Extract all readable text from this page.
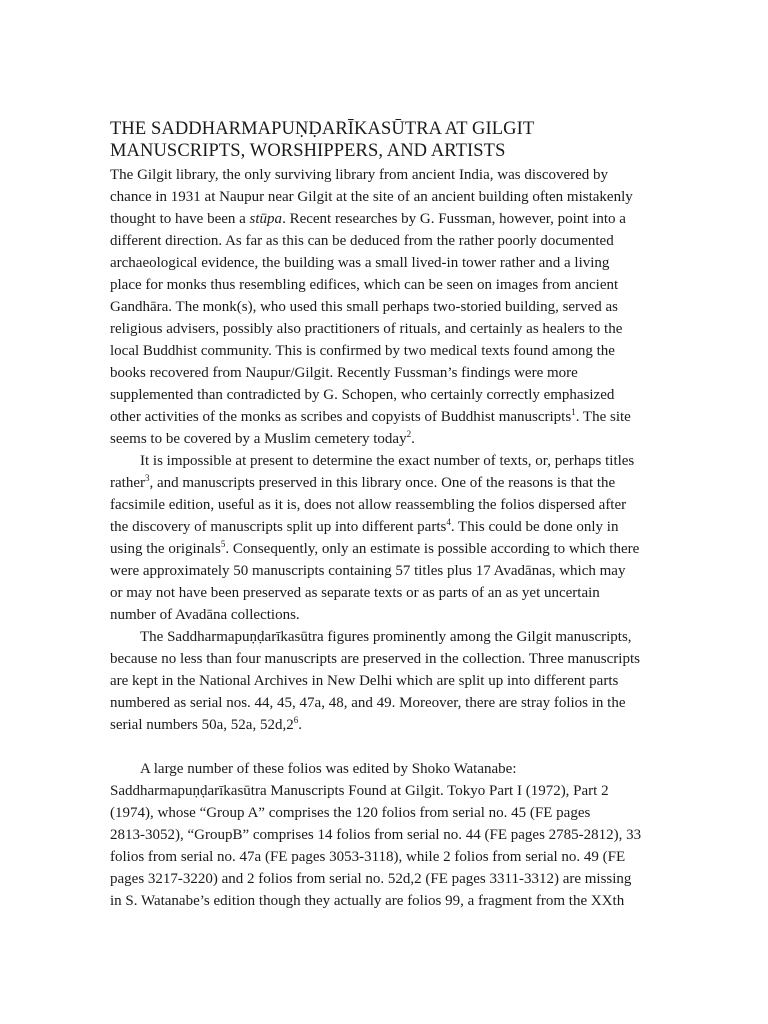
THE SADDHARMAPUṆḌARĪKASŪTRA AT GILGIT
MANUSCRIPTS, WORSHIPPERS, AND ARTISTS

The Gilgit library, the only surviving library from ancient India, was discovered by
chance in 1931 at Naupur near Gilgit at the site of an ancient building often mistakenly
thought to have been a stūpa. Recent researches by G. Fussman, however, point into a
different direction. As far as this can be deduced from the rather poorly documented
archaeological evidence, the building was a small lived-in tower rather and a living
place for monks thus resembling edifices, which can be seen on images from ancient
Gandhāra. The monk(s), who used this small perhaps two-storied building, served as
religious advisers, possibly also practitioners of rituals, and certainly as healers to the
local Buddhist community. This is confirmed by two medical texts found among the
books recovered from Naupur/Gilgit. Recently Fussman’s findings were more
supplemented than contradicted by G. Schopen, who certainly correctly emphasized
other activities of the monks as scribes and copyists of Buddhist manuscripts$^1$. The site
seems to be covered by a Muslim cemetery today$^2$.

It is impossible at present to determine the exact number of texts, or, perhaps titles
rather$^3$, and manuscripts preserved in this library once. One of the reasons is that the
facsimile edition, useful as it is, does not allow reassembling the folios dispersed after
the discovery of manuscripts split up into different parts$^4$. This could be done only in
using the originals$^5$. Consequently, only an estimate is possible according to which there
were approximately 50 manuscripts containing 57 titles plus 17 Avadānas, which may
or may not have been preserved as separate texts or as parts of an as yet uncertain
number of Avadāna collections.

The Saddharmapuṇḍarīkasūtra figures prominently among the Gilgit manuscripts,
because no less than four manuscripts are preserved in the collection. Three manuscripts
are kept in the National Archives in New Delhi which are split up into different parts
numbered as serial nos. 44, 45, 47a, 48, and 49. Moreover, there are stray folios in the
serial numbers 50a, 52a, $52d,2^6$.

A large number of these folios was edited by Shoko Watanabe:
Saddharmapuṇḍarīkasūtra Manuscripts Found at Gilgit. Tokyo Part I (1972), Part 2
(1974), whose “Group A” comprises the 120 folios from serial no. 45 (FE pages
2813-3052), “GroupB” comprises 14 folios from serial no. 44 (FE pages 2785-2812), 33
folios from serial no. 47a (FE pages 3053-3118), while 2 folios from serial no. 49 (FE
pages 3217-3220) and 2 folios from serial no. 52d,2 (FE pages 3311-3312) are missing
in S. Watanabe’s edition though they actually are folios 99, a fragment from the XXth
